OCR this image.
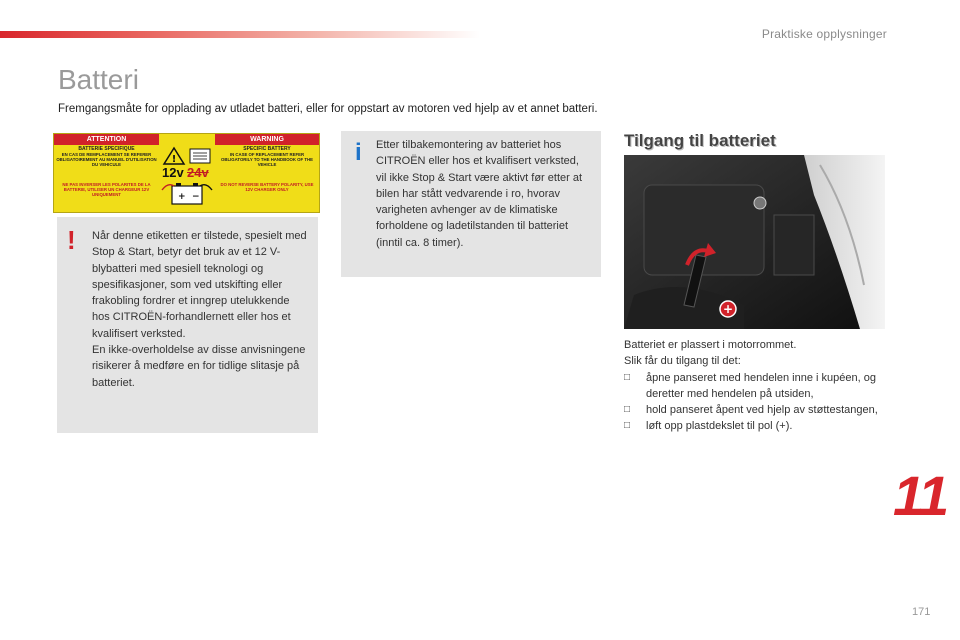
Praktiske opplysninger
Batteri
Fremgangsmåte for opplading av utladet batteri, eller for oppstart av motoren ved hjelp av et annet batteri.
ATTENTION	WARNING
BATTERIE SPECIFIQUE
EN CAS DE REMPLACEMENT SE REFERER OBLIGATOIREMENT AU MANUEL D'UTILISATION DU VEHICULE
NE PAS INVERSER LES POLARITES DE LA BATTERIE, UTILISER UN CHARGEUR 12V UNIQUEMENT
SPECIFIC BATTERY
IN CASE OF REPLACEMENT REFER OBLIGATORILY TO THE HANDBOOK OF THE VEHICLE
DO NOT REVERSE BATTERY POLARITY, USE 12V CHARGER ONLY
!
+ −
12v 24v
! Når denne etiketten er tilstede, spesielt med Stop & Start, betyr det bruk av et 12 V-blybatteri med spesiell teknologi og spesifikasjoner, som ved utskifting eller frakobling fordrer et inngrep utelukkende hos CITROËN-forhandlernett eller hos et kvalifisert verksted.
En ikke-overholdelse av disse anvisningene risikerer å medføre en for tidlige slitasje på batteriet.
i Etter tilbakemontering av batteriet hos CITROËN eller hos et kvalifisert verksted, vil ikke Stop & Start være aktivt før etter at bilen har stått vedvarende i ro, hvorav varigheten avhenger av de klimatiske forholdene og ladetilstanden til batteriet (inntil ca. 8 timer).
Tilgang til batteriet
+

Batteriet er plassert i motorrommet.

Slik får du tilgang til det:

□ åpne panseret med hendelen inne i kupéen, og deretter med hendelen på utsiden,
□ hold panseret åpent ved hjelp av støttestangen,
□ løft opp plastdekslet til pol (+).
11
171
